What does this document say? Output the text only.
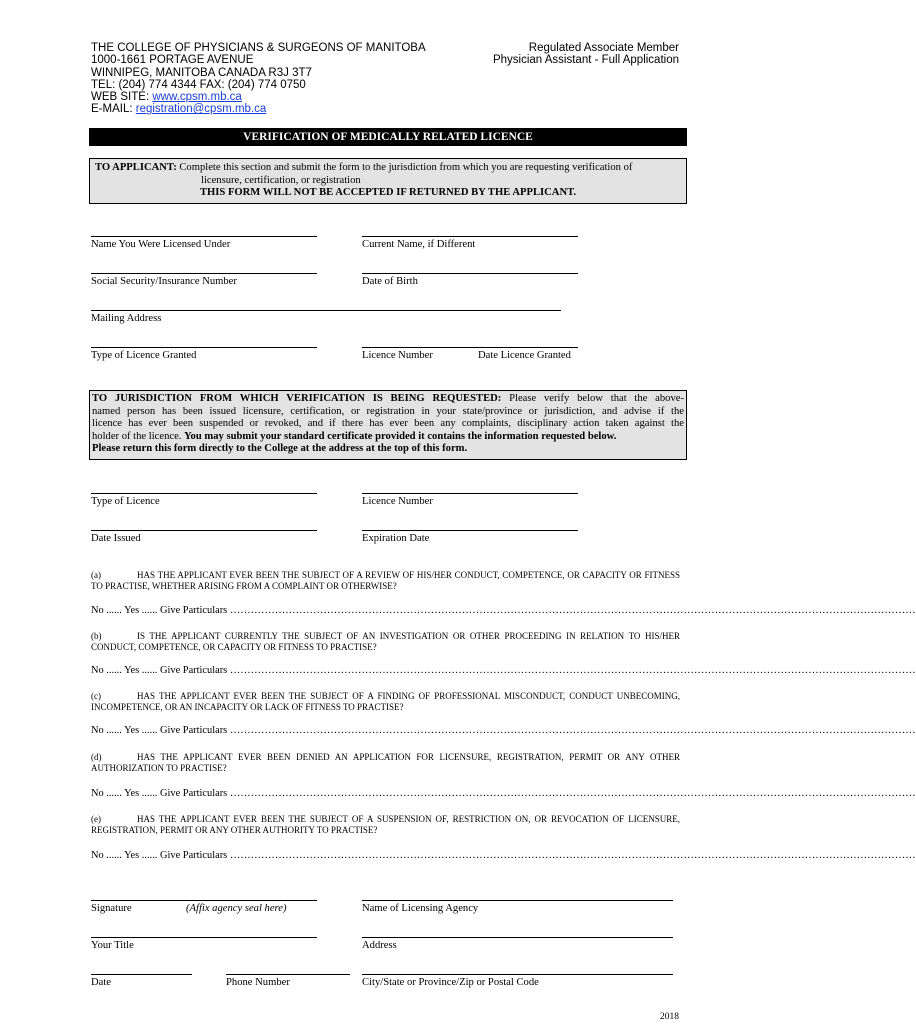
THE COLLEGE OF PHYSICIANS & SURGEONS OF MANITOBA
1000-1661 PORTAGE AVENUE
WINNIPEG, MANITOBA CANADA R3J 3T7
TEL: (204) 774 4344 FAX: (204) 774 0750
WEB SITE: www.cpsm.mb.ca
E-MAIL: registration@cpsm.mb.ca
Regulated Associate Member
Physician Assistant - Full Application
VERIFICATION OF MEDICALLY RELATED LICENCE
TO APPLICANT: Complete this section and submit the form to the jurisdiction from which you are requesting verification of
licensure, certification, or registration
THIS FORM WILL NOT BE ACCEPTED IF RETURNED BY THE APPLICANT.
Name You Were Licensed Under	Current Name, if Different
Social Security/Insurance Number	Date of Birth
Mailing Address
Type of Licence Granted	Licence Number	Date Licence Granted
TO JURISDICTION FROM WHICH VERIFICATION IS BEING REQUESTED: Please verify below that the above-
named person has been issued licensure, certification, or registration in your state/province or jurisdiction, and advise if the
licence has ever been suspended or revoked, and if there has ever been any complaints, disciplinary action taken against the
holder of the licence. You may submit your standard certificate provided it contains the information requested below.
Please return this form directly to the College at the address at the top of this form.
Type of Licence	Licence Number
Date Issued	Expiration Date
(a)	HAS THE APPLICANT EVER BEEN THE SUBJECT OF A REVIEW OF HIS/HER CONDUCT, COMPETENCE, OR CAPACITY OR FITNESS TO PRACTISE, WHETHER ARISING FROM A COMPLAINT OR OTHERWISE?
No ...... Yes ...... Give Particulars ………………………………………………………………………………………………………………………………………………………………………………
(b)	IS THE APPLICANT CURRENTLY THE SUBJECT OF AN INVESTIGATION OR OTHER PROCEEDING IN RELATION TO HIS/HER CONDUCT, COMPETENCE, OR CAPACITY OR FITNESS TO PRACTISE?
No ...... Yes ...... Give Particulars ………………………………………………………………………………………………………………………………………………………………………………
(c)	HAS THE APPLICANT EVER BEEN THE SUBJECT OF A FINDING OF PROFESSIONAL MISCONDUCT, CONDUCT UNBECOMING, INCOMPETENCE, OR AN INCAPACITY OR LACK OF FITNESS TO PRACTISE?
No ...... Yes ...... Give Particulars ………………………………………………………………………………………………………………………………………………………………………………
(d)	HAS THE APPLICANT EVER BEEN DENIED AN APPLICATION FOR LICENSURE, REGISTRATION, PERMIT OR ANY OTHER AUTHORIZATION TO PRACTISE?
No ...... Yes ...... Give Particulars ………………………………………………………………………………………………………………………………………………………………………………
(e)	HAS THE APPLICANT EVER BEEN THE SUBJECT OF A SUSPENSION OF, RESTRICTION ON, OR REVOCATION OF LICENSURE, REGISTRATION, PERMIT OR ANY OTHER AUTHORITY TO PRACTISE?
No ...... Yes ...... Give Particulars ………………………………………………………………………………………………………………………………………………………………………………
Signature	(Affix agency seal here)	Name of Licensing Agency
Your Title	Address
Date	Phone Number	City/State or Province/Zip or Postal Code
2018
